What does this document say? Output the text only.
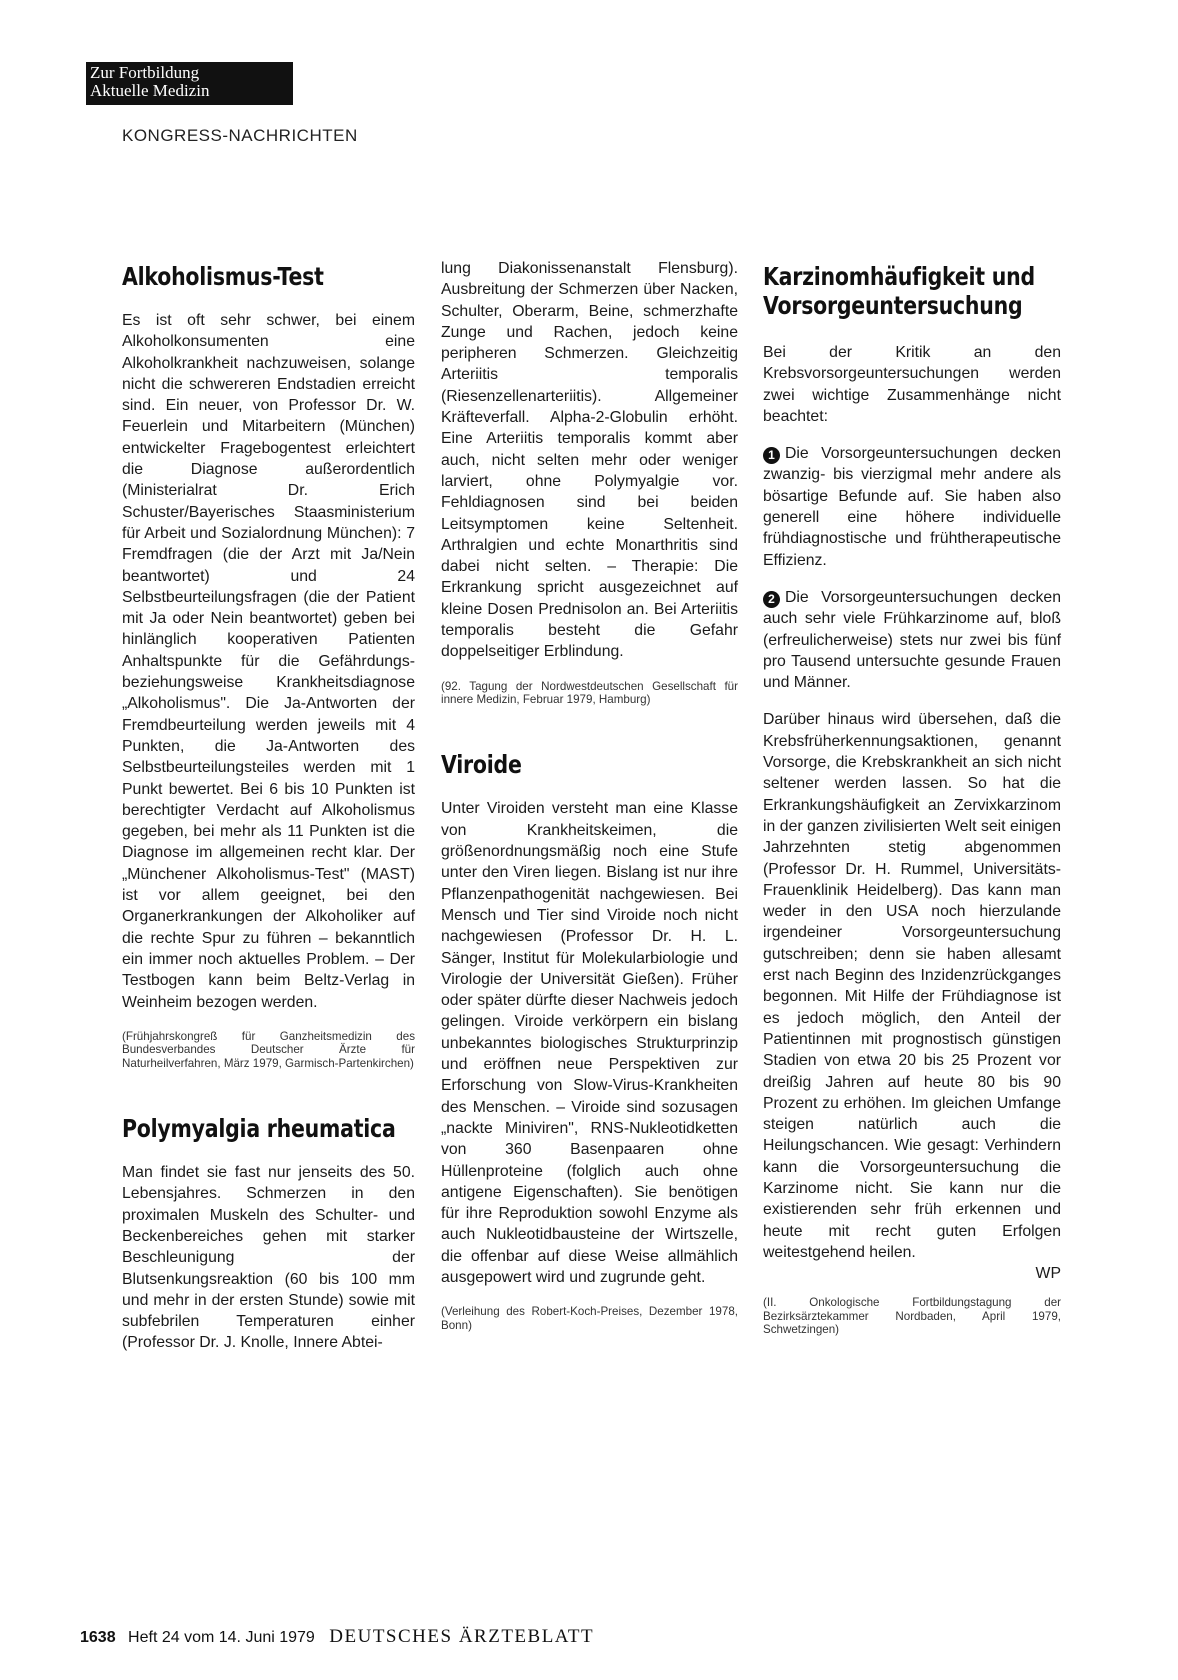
Zur Fortbildung
Aktuelle Medizin
KONGRESS-NACHRICHTEN
Alkoholismus-Test

Es ist oft sehr schwer, bei einem Alkoholkonsumenten eine Alkoholkrankheit nachzuweisen, solange nicht die schwereren Endstadien erreicht sind. Ein neuer, von Professor Dr. W. Feuerlein und Mitarbeitern (München) entwickelter Fragebogentest erleichtert die Diagnose außerordentlich (Ministerialrat Dr. Erich Schuster/Bayerisches Staasministerium für Arbeit und Sozialordnung München): 7 Fremdfragen (die der Arzt mit Ja/Nein beantwortet) und 24 Selbstbeurteilungsfragen (die der Patient mit Ja oder Nein beantwortet) geben bei hinlänglich kooperativen Patienten Anhaltspunkte für die Gefährdungs- beziehungsweise Krankheitsdiagnose „Alkoholismus". Die Ja-Antworten der Fremdbeurteilung werden jeweils mit 4 Punkten, die Ja-Antworten des Selbstbeurteilungsteiles werden mit 1 Punkt bewertet. Bei 6 bis 10 Punkten ist berechtigter Verdacht auf Alkoholismus gegeben, bei mehr als 11 Punkten ist die Diagnose im allgemeinen recht klar. Der „Münchener Alkoholismus-Test" (MAST) ist vor allem geeignet, bei den Organerkrankungen der Alkoholiker auf die rechte Spur zu führen – bekanntlich ein immer noch aktuelles Problem. – Der Testbogen kann beim Beltz-Verlag in Weinheim bezogen werden.

(Frühjahrskongreß für Ganzheitsmedizin des Bundesverbandes Deutscher Ärzte für Naturheilverfahren, März 1979, Garmisch-Partenkirchen)

Polymyalgia rheumatica

Man findet sie fast nur jenseits des 50. Lebensjahres. Schmerzen in den proximalen Muskeln des Schulter- und Beckenbereiches gehen mit starker Beschleunigung der Blutsenkungsreaktion (60 bis 100 mm und mehr in der ersten Stunde) sowie mit subfebrilen Temperaturen einher (Professor Dr. J. Knolle, Innere Abtei-

lung Diakonissenanstalt Flensburg). Ausbreitung der Schmerzen über Nacken, Schulter, Oberarm, Beine, schmerzhafte Zunge und Rachen, jedoch keine peripheren Schmerzen. Gleichzeitig Arteriitis temporalis (Riesenzellenarteriitis). Allgemeiner Kräfteverfall. Alpha-2-Globulin erhöht. Eine Arteriitis temporalis kommt aber auch, nicht selten mehr oder weniger larviert, ohne Polymyalgie vor. Fehldiagnosen sind bei beiden Leitsymptomen keine Seltenheit. Arthralgien und echte Monarthritis sind dabei nicht selten. – Therapie: Die Erkrankung spricht ausgezeichnet auf kleine Dosen Prednisolon an. Bei Arteriitis temporalis besteht die Gefahr doppelseitiger Erblindung.

(92. Tagung der Nordwestdeutschen Gesellschaft für innere Medizin, Februar 1979, Hamburg)

Viroide

Unter Viroiden versteht man eine Klasse von Krankheitskeimen, die größenordnungsmäßig noch eine Stufe unter den Viren liegen. Bislang ist nur ihre Pflanzenpathogenität nachgewiesen. Bei Mensch und Tier sind Viroide noch nicht nachgewiesen (Professor Dr. H. L. Sänger, Institut für Molekularbiologie und Virologie der Universität Gießen). Früher oder später dürfte dieser Nachweis jedoch gelingen. Viroide verkörpern ein bislang unbekanntes biologisches Strukturprinzip und eröffnen neue Perspektiven zur Erforschung von Slow-Virus-Krankheiten des Menschen. – Viroide sind sozusagen „nackte Miniviren", RNS-Nukleotidketten von 360 Basenpaaren ohne Hüllenproteine (folglich auch ohne antigene Eigenschaften). Sie benötigen für ihre Reproduktion sowohl Enzyme als auch Nukleotidbausteine der Wirtszelle, die offenbar auf diese Weise allmählich ausgepowert wird und zugrunde geht.

(Verleihung des Robert-Koch-Preises, Dezember 1978, Bonn)

Karzinomhäufigkeit und
Vorsorgeuntersuchung

Bei der Kritik an den Krebsvorsorgeuntersuchungen werden zwei wichtige Zusammenhänge nicht beachtet:

1 Die Vorsorgeuntersuchungen decken zwanzig- bis vierzigmal mehr andere als bösartige Befunde auf. Sie haben also generell eine höhere individuelle frühdiagnostische und frühtherapeutische Effizienz.

2 Die Vorsorgeuntersuchungen decken auch sehr viele Frühkarzinome auf, bloß (erfreulicherweise) stets nur zwei bis fünf pro Tausend untersuchte gesunde Frauen und Männer.

Darüber hinaus wird übersehen, daß die Krebsfrüherkennungsaktionen, genannt Vorsorge, die Krebskrankheit an sich nicht seltener werden lassen. So hat die Erkrankungshäufigkeit an Zervixkarzinom in der ganzen zivilisierten Welt seit einigen Jahrzehnten stetig abgenommen (Professor Dr. H. Rummel, Universitäts-Frauenklinik Heidelberg). Das kann man weder in den USA noch hierzulande irgendeiner Vorsorgeuntersuchung gutschreiben; denn sie haben allesamt erst nach Beginn des Inzidenzrückganges begonnen. Mit Hilfe der Frühdiagnose ist es jedoch möglich, den Anteil der Patientinnen mit prognostisch günstigen Stadien von etwa 20 bis 25 Prozent vor dreißig Jahren auf heute 80 bis 90 Prozent zu erhöhen. Im gleichen Umfange steigen natürlich auch die Heilungschancen. Wie gesagt: Verhindern kann die Vorsorgeuntersuchung die Karzinome nicht. Sie kann nur die existierenden sehr früh erkennen und heute mit recht guten Erfolgen weitestgehend heilen.
WP

(II. Onkologische Fortbildungstagung der Bezirksärztekammer Nordbaden, April 1979, Schwetzingen)

1638 Heft 24 vom 14. Juni 1979 DEUTSCHES ÄRZTEBLATT
